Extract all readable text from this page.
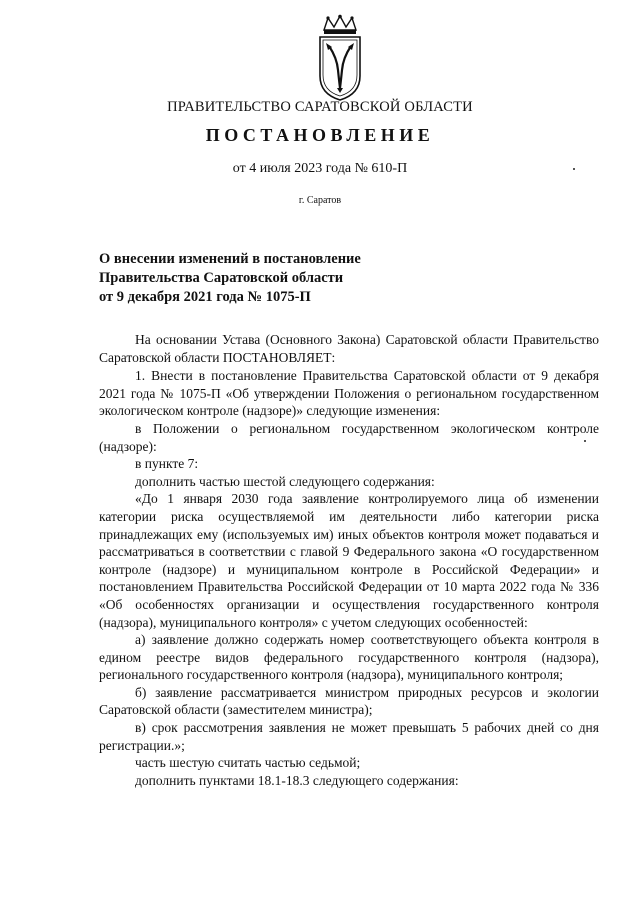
ПРАВИТЕЛЬСТВО САРАТОВСКОЙ ОБЛАСТИ
ПОСТАНОВЛЕНИЕ
от 4 июля 2023 года № 610-П
г. Саратов
О внесении изменений в постановление
Правительства Саратовской области
от 9 декабря 2021 года № 1075-П

На основании Устава (Основного Закона) Саратовской области Правительство Саратовской области ПОСТАНОВЛЯЕТ:

1. Внести в постановление Правительства Саратовской области от 9 декабря 2021 года № 1075-П «Об утверждении Положения о региональном государственном экологическом контроле (надзоре)» следующие изменения:

в Положении о региональном государственном экологическом контроле (надзоре):

в пункте 7:

дополнить частью шестой следующего содержания:

«До 1 января 2030 года заявление контролируемого лица об изменении категории риска осуществляемой им деятельности либо категории риска принадлежащих ему (используемых им) иных объектов контроля может подаваться и рассматриваться в соответствии с главой 9 Федерального закона «О государственном контроле (надзоре) и муниципальном контроле в Российской Федерации» и постановлением Правительства Российской Федерации от 10 марта 2022 года № 336 «Об особенностях организации и осуществления государственного контроля (надзора), муниципального контроля» с учетом следующих особенностей:

а) заявление должно содержать номер соответствующего объекта контроля в едином реестре видов федерального государственного контроля (надзора), регионального государственного контроля (надзора), муниципального контроля;

б) заявление рассматривается министром природных ресурсов и экологии Саратовской области (заместителем министра);

в) срок рассмотрения заявления не может превышать 5 рабочих дней со дня регистрации.»;

часть шестую считать частью седьмой;

дополнить пунктами 18.1-18.3 следующего содержания:
